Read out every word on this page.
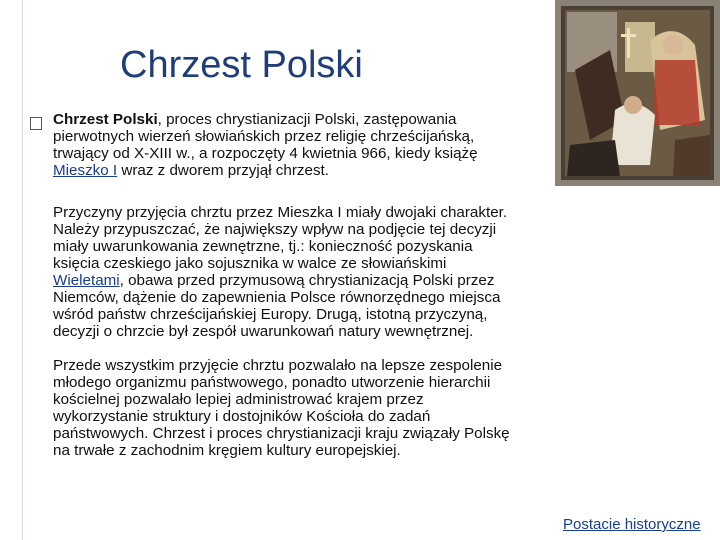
Chrzest Polski
Chrzest Polski, proces chrystianizacji Polski, zastępowania
pierwotnych wierzeń słowiańskich przez religię chrześcijańską,
trwający od X-XIII w., a rozpoczęty 4 kwietnia 966, kiedy książę
Mieszko I wraz z dworem przyjął chrzest.
Przyczyny przyjęcia chrztu przez Mieszka I miały dwojaki charakter.
Należy przypuszczać, że największy wpływ na podjęcie tej decyzji
miały uwarunkowania zewnętrzne, tj.: konieczność pozyskania
księcia czeskiego jako sojusznika w walce ze słowiańskimi
Wieletami, obawa przed przymusową chrystianizacją Polski przez
Niemców, dążenie do zapewnienia Polsce równorzędnego miejsca
wśród państw chrześcijańskiej Europy. Drugą, istotną przyczyną,
decyzji o chrzcie był zespół uwarunkowań natury wewnętrznej.
Przede wszystkim przyjęcie chrztu pozwalało na lepsze zespolenie
młodego organizmu państwowego, ponadto utworzenie hierarchii
kościelnej pozwalało lepiej administrować krajem przez
wykorzystanie struktury i dostojników Kościoła do zadań
państwowych. Chrzest i proces chrystianizacji kraju związały Polskę
na trwałe z zachodnim kręgiem kultury europejskiej.
Postacie historyczne
